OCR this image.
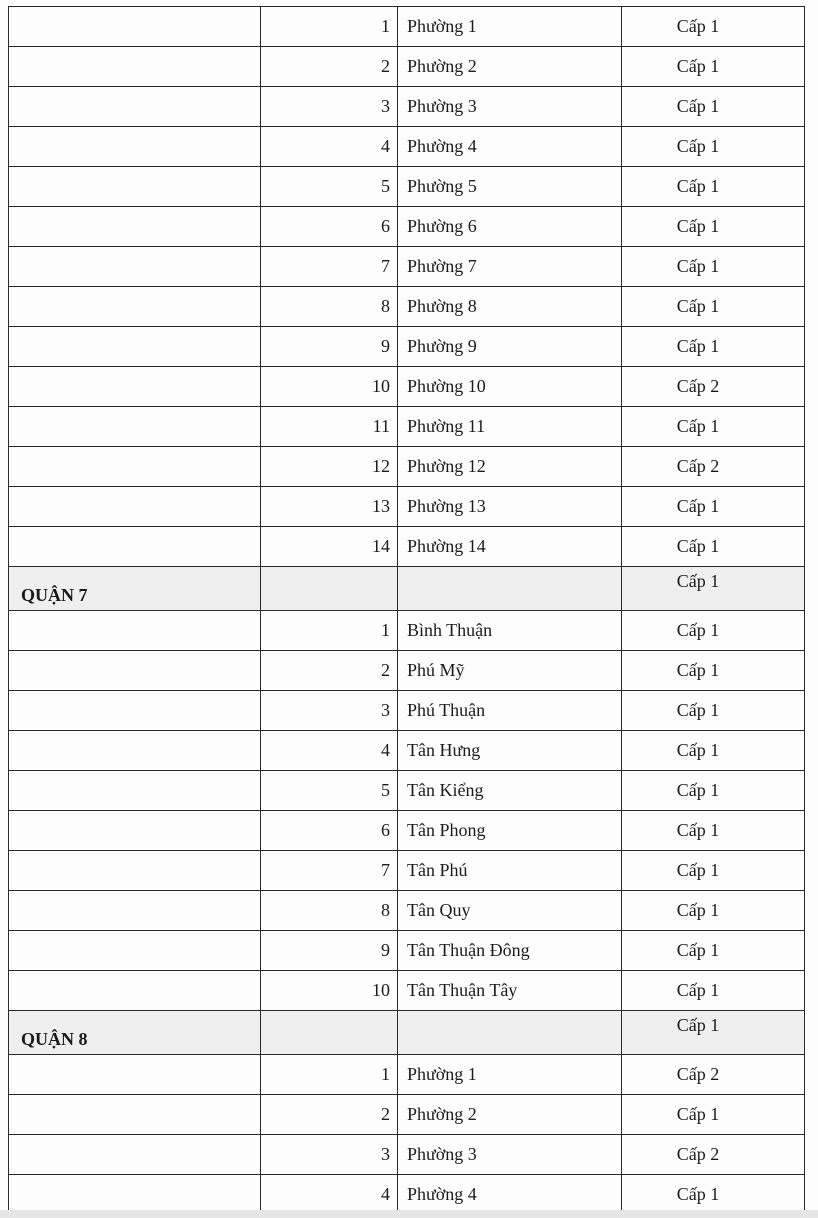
	1	Phường 1	Cấp 1
	2	Phường 2	Cấp 1
	3	Phường 3	Cấp 1
	4	Phường 4	Cấp 1
	5	Phường 5	Cấp 1
	6	Phường 6	Cấp 1
	7	Phường 7	Cấp 1
	8	Phường 8	Cấp 1
	9	Phường 9	Cấp 1
	10	Phường 10	Cấp 2
	11	Phường 11	Cấp 1
	12	Phường 12	Cấp 2
	13	Phường 13	Cấp 1
	14	Phường 14	Cấp 1
QUẬN 7			Cấp 1
	1	Bình Thuận	Cấp 1
	2	Phú Mỹ	Cấp 1
	3	Phú Thuận	Cấp 1
	4	Tân Hưng	Cấp 1
	5	Tân Kiểng	Cấp 1
	6	Tân Phong	Cấp 1
	7	Tân Phú	Cấp 1
	8	Tân Quy	Cấp 1
	9	Tân Thuận Đông	Cấp 1
	10	Tân Thuận Tây	Cấp 1
QUẬN 8			Cấp 1
	1	Phường 1	Cấp 2
	2	Phường 2	Cấp 1
	3	Phường 3	Cấp 2
	4	Phường 4	Cấp 1
